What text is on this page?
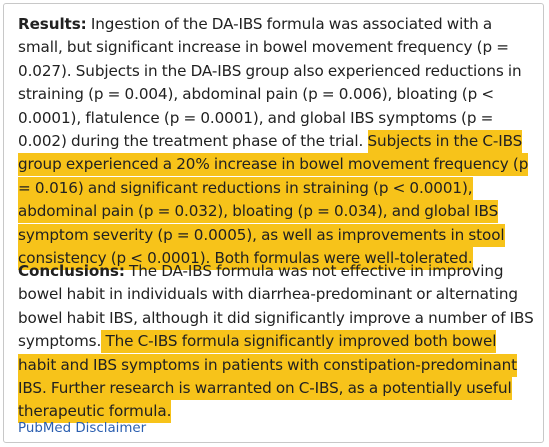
Results: Ingestion of the DA-IBS formula was associated with a small, but significant increase in bowel movement frequency (p = 0.027). Subjects in the DA-IBS group also experienced reductions in straining (p = 0.004), abdominal pain (p = 0.006), bloating (p < 0.0001), flatulence (p = 0.0001), and global IBS symptoms (p = 0.002) during the treatment phase of the trial. Subjects in the C-IBS group experienced a 20% increase in bowel movement frequency (p = 0.016) and significant reductions in straining (p < 0.0001), abdominal pain (p = 0.032), bloating (p = 0.034), and global IBS symptom severity (p = 0.0005), as well as improvements in stool consistency (p < 0.0001). Both formulas were well-tolerated.

Conclusions: The DA-IBS formula was not effective in improving bowel habit in individuals with diarrhea-predominant or alternating bowel habit IBS, although it did significantly improve a number of IBS symptoms. The C-IBS formula significantly improved both bowel habit and IBS symptoms in patients with constipation-predominant IBS. Further research is warranted on C-IBS, as a potentially useful therapeutic formula.

PubMed Disclaimer
